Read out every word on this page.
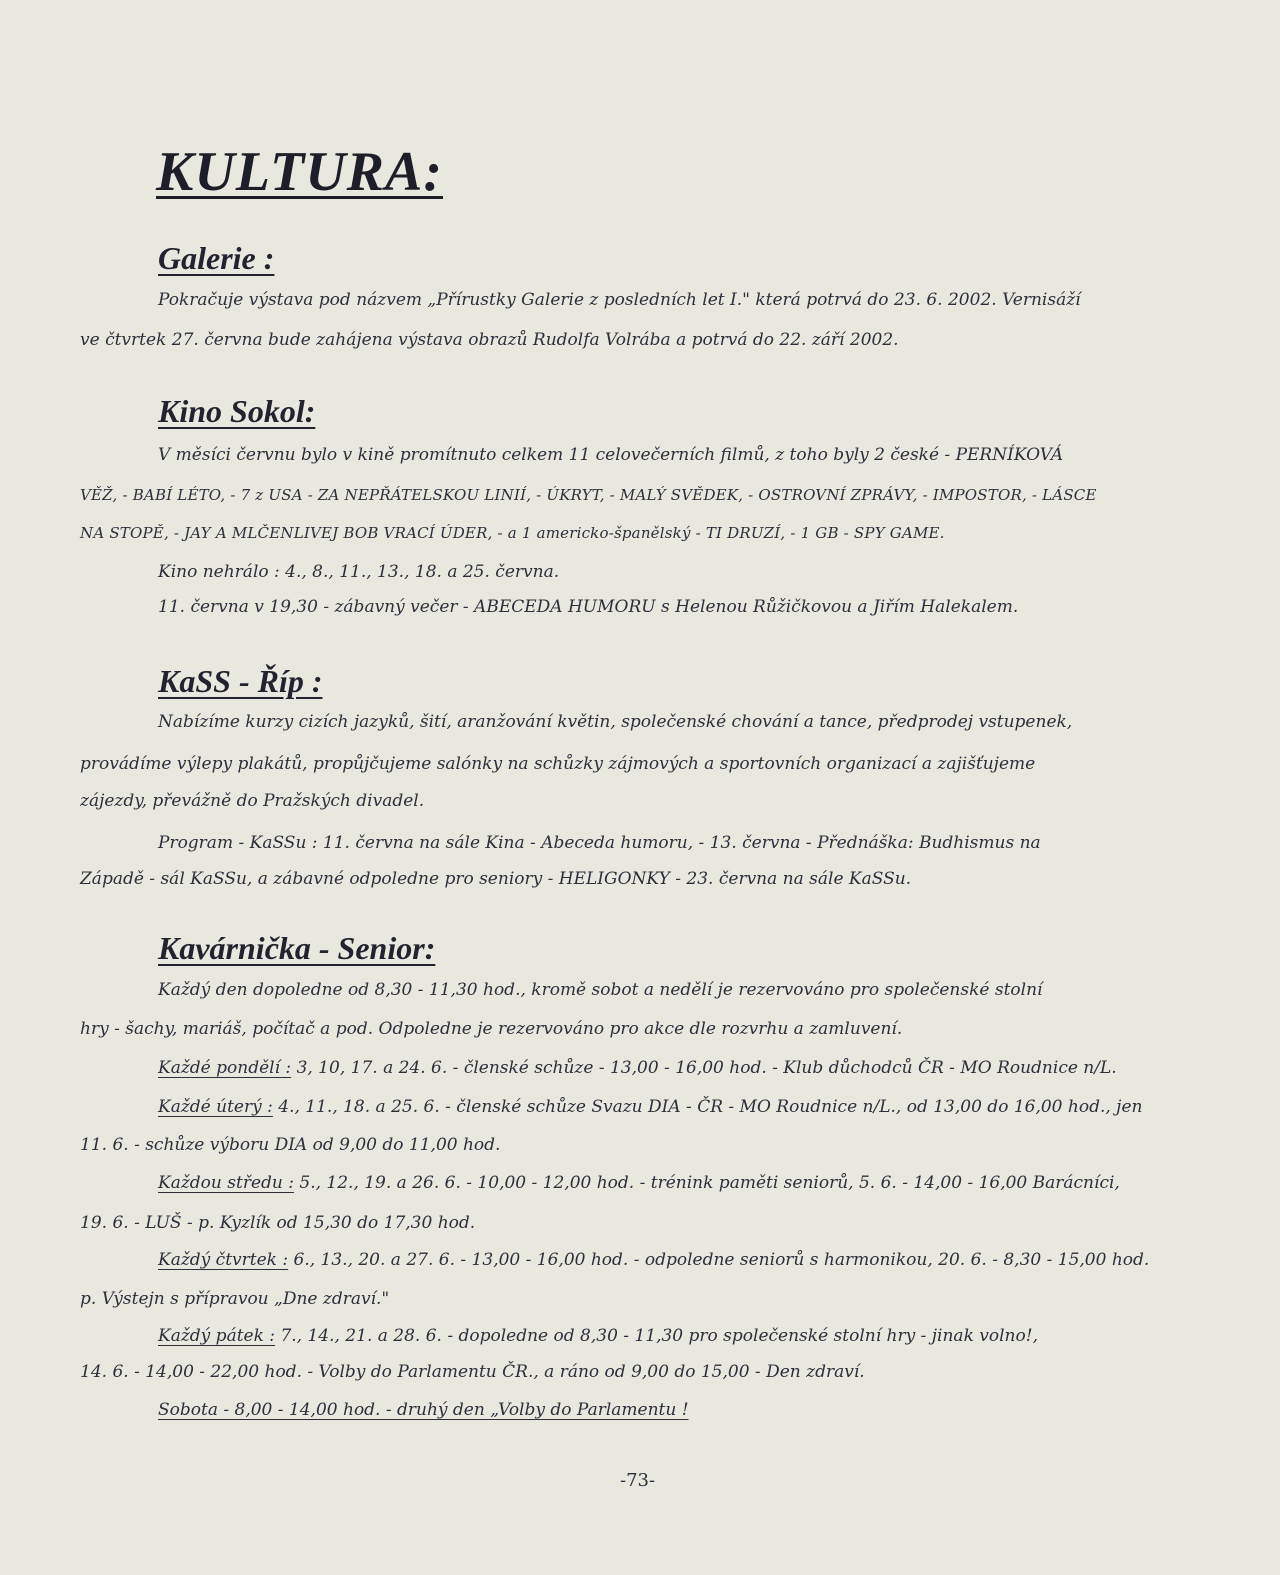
KULTURA:
Galerie :
Pokračuje výstava pod názvem „Přírustky Galerie z posledních let I." která potrvá do 23. 6. 2002. Vernisáží
ve čtvrtek 27. června bude zahájena výstava obrazů Rudolfa Volrába a potrvá do 22. září 2002.
Kino Sokol:
V měsíci červnu bylo v kině promítnuto celkem 11 celovečerních filmů, z toho byly 2 české - PERNÍKOVÁ
VĚŽ, - BABÍ LÉTO, - 7 z USA - ZA NEPŘÁTELSKOU LINIÍ, - ÚKRYT, - MALÝ SVĚDEK, - OSTROVNÍ ZPRÁVY, - IMPOSTOR, - LÁSCE
NA STOPĚ, - JAY A MLČENLIVEJ BOB VRACÍ ÚDER, - a 1 americko-španělský - TI DRUZÍ, - 1 GB - SPY GAME.
Kino nehrálo : 4., 8., 11., 13., 18. a 25. června.
11. června v 19,30 - zábavný večer - ABECEDA HUMORU s Helenou Růžičkovou a Jiřím Halekalem.
KaSS - Říp :
Nabízíme kurzy cizích jazyků, šití, aranžování květin, společenské chování a tance, předprodej vstupenek,
provádíme výlepy plakátů, propůjčujeme salónky na schůzky zájmových a sportovních organizací a zajišťujeme
zájezdy, převážně do Pražských divadel.
Program - KaSSu : 11. června na sále Kina - Abeceda humoru, - 13. června - Přednáška: Budhismus na
Západě - sál KaSSu, a zábavné odpoledne pro seniory - HELIGONKY - 23. června na sále KaSSu.
Kavárnička - Senior:
Každý den dopoledne od 8,30 - 11,30 hod., kromě sobot a nedělí je rezervováno pro společenské stolní
hry - šachy, mariáš, počítač a pod. Odpoledne je rezervováno pro akce dle rozvrhu a zamluvení.
Každé pondělí : 3, 10, 17. a 24. 6. - členské schůze - 13,00 - 16,00 hod. - Klub důchodců ČR - MO Roudnice n/L.
Každé úterý : 4., 11., 18. a 25. 6. - členské schůze Svazu DIA - ČR - MO Roudnice n/L., od 13,00 do 16,00 hod., jen
11. 6. - schůze výboru DIA od 9,00 do 11,00 hod.
Každou středu : 5., 12., 19. a 26. 6. - 10,00 - 12,00 hod. - trénink paměti seniorů, 5. 6. - 14,00 - 16,00 Barácníci,
19. 6. - LUŠ - p. Kyzlík od 15,30 do 17,30 hod.
Každý čtvrtek : 6., 13., 20. a 27. 6. - 13,00 - 16,00 hod. - odpoledne seniorů s harmonikou, 20. 6. - 8,30 - 15,00 hod.
p. Výstejn s přípravou „Dne zdraví."
Každý pátek : 7., 14., 21. a 28. 6. - dopoledne od 8,30 - 11,30 pro společenské stolní hry - jinak volno!,
14. 6. - 14,00 - 22,00 hod. - Volby do Parlamentu ČR., a ráno od 9,00 do 15,00 - Den zdraví.
Sobota - 8,00 - 14,00 hod. - druhý den „Volby do Parlamentu !
-73-
